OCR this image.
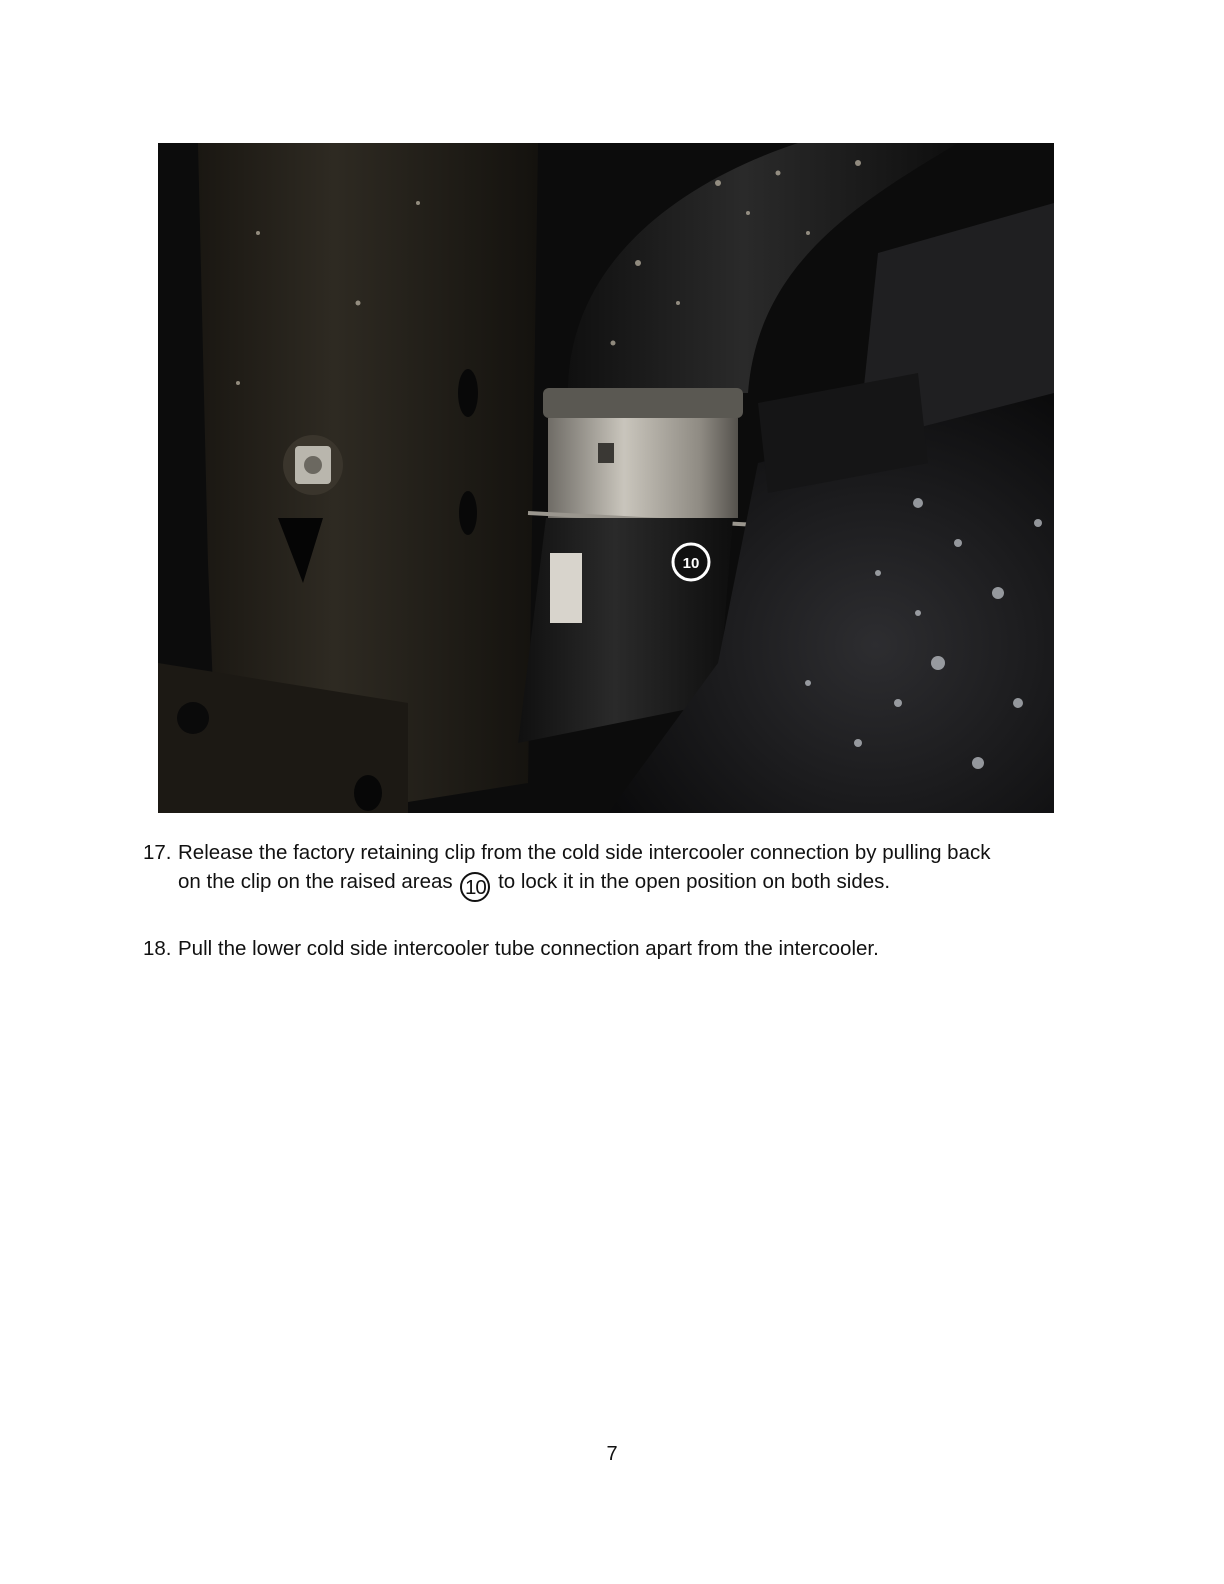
10
17. Release the factory retaining clip from the cold side intercooler connection by pulling back
on the clip on the raised areas 10 to lock it in the open position on both sides.
18. Pull the lower cold side intercooler tube connection apart from the intercooler.
7
